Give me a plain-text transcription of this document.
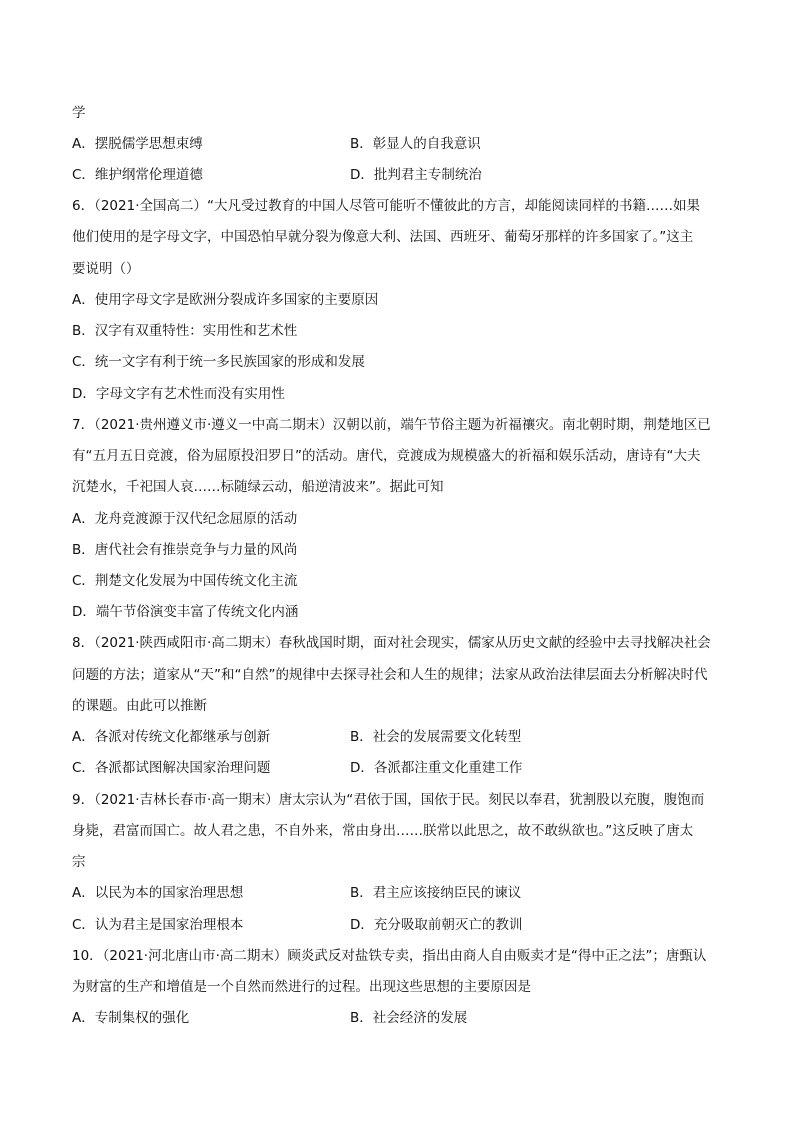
学
A．摆脱儒学思想束缚	B．彰显人的自我意识
C．维护纲常伦理道德	D．批判君主专制统治
6．（2021·全国高二）“大凡受过教育的中国人尽管可能听不懂彼此的方言，却能阅读同样的书籍……如果
他们使用的是字母文字，中国恐怕早就分裂为像意大利、法国、西班牙、葡萄牙那样的许多国家了。”这主
要说明（）
A．使用字母文字是欧洲分裂成许多国家的主要原因
B．汉字有双重特性：实用性和艺术性
C．统一文字有利于统一多民族国家的形成和发展
D．字母文字有艺术性而没有实用性
7．（2021·贵州遵义市·遵义一中高二期末）汉朝以前，端午节俗主题为祈福禳灾。南北朝时期，荆楚地区已
有“五月五日竞渡，俗为屈原投汨罗日”的活动。唐代，竞渡成为规模盛大的祈福和娱乐活动，唐诗有“大夫
沉楚水，千祀国人哀……标随绿云动，船逆清波来”。据此可知
A．龙舟竞渡源于汉代纪念屈原的活动
B．唐代社会有推崇竞争与力量的风尚
C．荆楚文化发展为中国传统文化主流
D．端午节俗演变丰富了传统文化内涵
8．（2021·陕西咸阳市·高二期末）春秋战国时期，面对社会现实，儒家从历史文献的经验中去寻找解决社会
问题的方法；道家从“天”和“自然”的规律中去探寻社会和人生的规律；法家从政治法律层面去分析解决时代
的课题。由此可以推断
A．各派对传统文化都继承与创新	B．社会的发展需要文化转型
C．各派都试图解决国家治理问题	D．各派都注重文化重建工作
9．（2021·吉林长春市·高一期末）唐太宗认为“君依于国，国依于民。刻民以奉君，犹割股以充腹，腹饱而
身毙，君富而国亡。故人君之患，不自外来，常由身出……朕常以此思之，故不敢纵欲也。”这反映了唐太
宗
A．以民为本的国家治理思想	B．君主应该接纳臣民的谏议
C．认为君主是国家治理根本	D．充分吸取前朝灭亡的教训
10．（2021·河北唐山市·高二期末）顾炎武反对盐铁专卖，指出由商人自由贩卖才是“得中正之法”；唐甄认
为财富的生产和增值是一个自然而然进行的过程。出现这些思想的主要原因是
A．专制集权的强化	B．社会经济的发展
